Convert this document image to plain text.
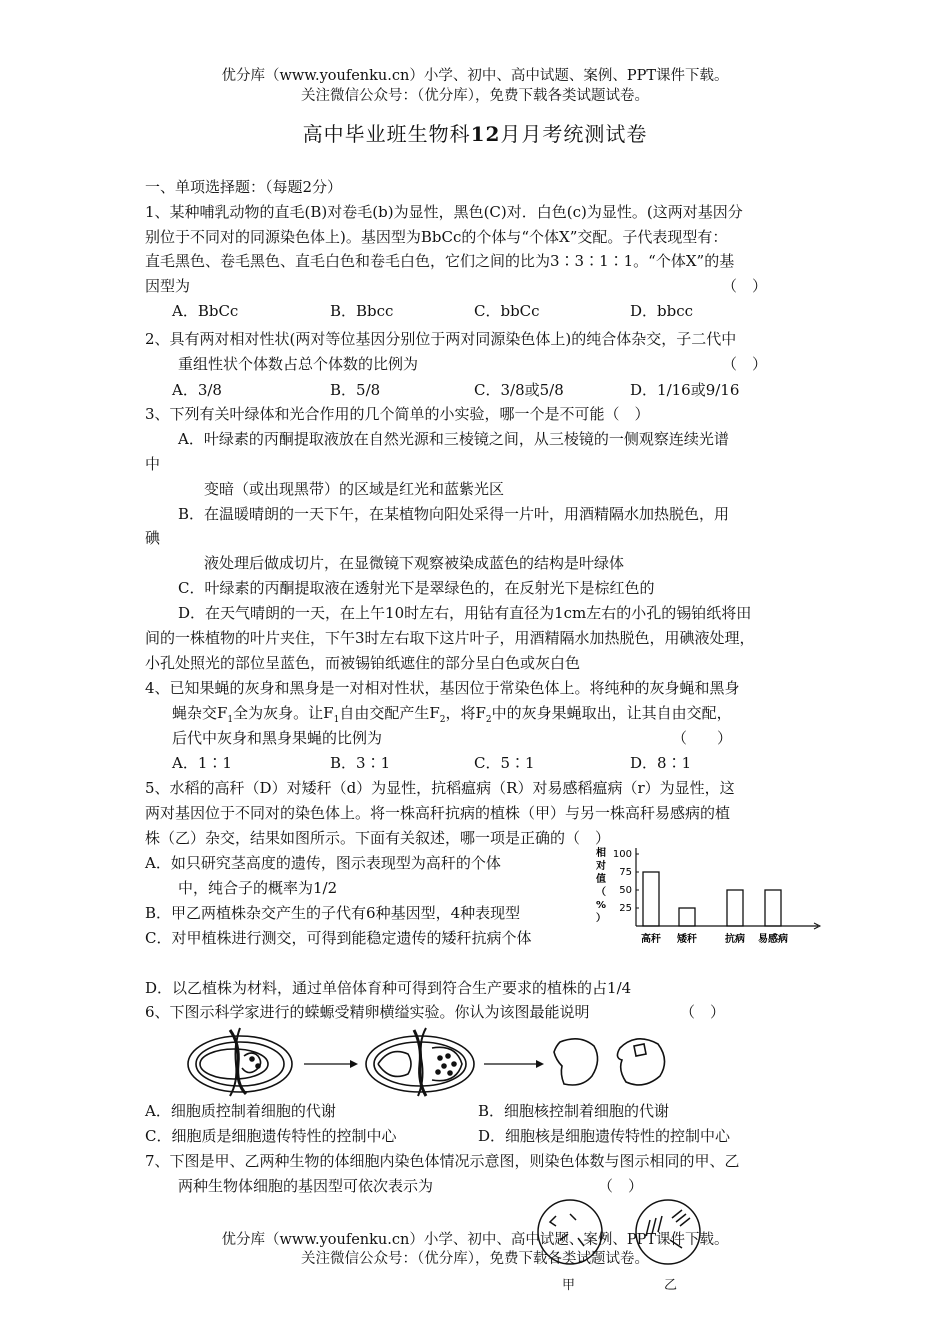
优分库（www.youfenku.cn）小学、初中、高中试题、案例、PPT课件下载。
关注微信公众号：（优分库），免费下载各类试题试卷。
高中毕业班生物科12月月考统测试卷
一、单项选择题：（每题2分）
1、某种哺乳动物的直毛(B)对卷毛(b)为显性，黑色(C)对．白色(c)为显性。(这两对基因分
别位于不同对的同源染色体上)。基因型为BbCc的个体与“个体X”交配。子代表现型有：
直毛黑色、卷毛黑色、直毛白色和卷毛白色，它们之间的比为3∶3∶1∶1。“个体X”的基
因型为	（　）
A．BbCc	B．Bbcc	C．bbCc	D．bbcc
2、具有两对相对性状(两对等位基因分别位于两对同源染色体上)的纯合体杂交，子二代中
重组性状个体数占总个体数的比例为	（　）
A．3/8	B．5/8	C．3/8或5/8	D．1/16或9/16
3、下列有关叶绿体和光合作用的几个简单的小实验，哪一个是不可能（　）
A．叶绿素的丙酮提取液放在自然光源和三棱镜之间，从三棱镜的一侧观察连续光谱
中
变暗（或出现黑带）的区域是红光和蓝紫光区
B．在温暖晴朗的一天下午，在某植物向阳处采得一片叶，用酒精隔水加热脱色，用
碘
液处理后做成切片，在显微镜下观察被染成蓝色的结构是叶绿体
C．叶绿素的丙酮提取液在透射光下是翠绿色的，在反射光下是棕红色的
D．在天气晴朗的一天，在上午10时左右，用钻有直径为1cm左右的小孔的锡铂纸将田
间的一株植物的叶片夹住，下午3时左右取下这片叶子，用酒精隔水加热脱色，用碘液处理，
小孔处照光的部位呈蓝色，而被锡铂纸遮住的部分呈白色或灰白色
4、已知果蝇的灰身和黑身是一对相对性状，基因位于常染色体上。将纯种的灰身蝇和黑身
蝇杂交$F_1$全为灰身。让$F_1$自由交配产生$F_2$，将$F_2$中的灰身果蝇取出，让其自由交配，
后代中灰身和黑身果蝇的比例为	（　　）
A．1∶1	B．3∶1	C．5∶1	D．8∶1
5、水稻的高秆（D）对矮秆（d）为显性，抗稻瘟病（R）对易感稻瘟病（r）为显性，这
两对基因位于不同对的染色体上。将一株高秆抗病的植株（甲）与另一株高秆易感病的植
株（乙）杂交，结果如图所示。下面有关叙述，哪一项是正确的（　）
A．如只研究茎高度的遗传，图示表现型为高秆的个体
中，纯合子的概率为1/2
B．甲乙两植株杂交产生的子代有6种基因型，4种表现型
C．对甲植株进行测交，可得到能稳定遗传的矮秆抗病个体
D．以乙植株为材料，通过单倍体育种可得到符合生产要求的植株的占1/4
相
对
值
（
%
）
100
75
50
25
高秆 矮秆	抗病 易感病
6、下图示科学家进行的蝾螈受精卵横缢实验。你认为该图最能说明	（　）
A．细胞质控制着细胞的代谢	B．细胞核控制着细胞的代谢
C．细胞质是细胞遗传特性的控制中心	D．细胞核是细胞遗传特性的控制中心
7、下图是甲、乙两种生物的体细胞内染色体情况示意图，则染色体数与图示相同的甲、乙
两种生物体细胞的基因型可依次表示为	（　）
优分库（www.youfenku.cn）小学、初中、高中试题、案例、PPT课件下载。
关注微信公众号：（优分库），免费下载各类试题试卷。
甲	乙
